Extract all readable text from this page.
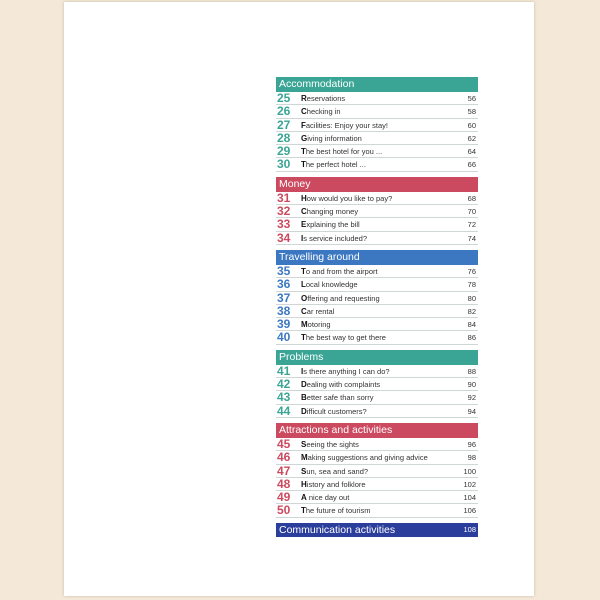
Accommodation
25 Reservations	56
26 Checking in	58
27 Facilities: Enjoy your stay!	60
28 Giving information	62
29 The best hotel for you ...	64
30 The perfect hotel ...	66
Money
31 How would you like to pay?	68
32 Changing money	70
33 Explaining the bill	72
34 Is service included?	74
Travelling around
35 To and from the airport	76
36 Local knowledge	78
37 Offering and requesting	80
38 Car rental	82
39 Motoring	84
40 The best way to get there	86
Problems
41 Is there anything I can do?	88
42 Dealing with complaints	90
43 Better safe than sorry	92
44 Difficult customers?	94
Attractions and activities
45 Seeing the sights	96
46 Making suggestions and giving advice	98
47 Sun, sea and sand?	100
48 History and folklore	102
49 A nice day out	104
50 The future of tourism	106
Communication activities	108
